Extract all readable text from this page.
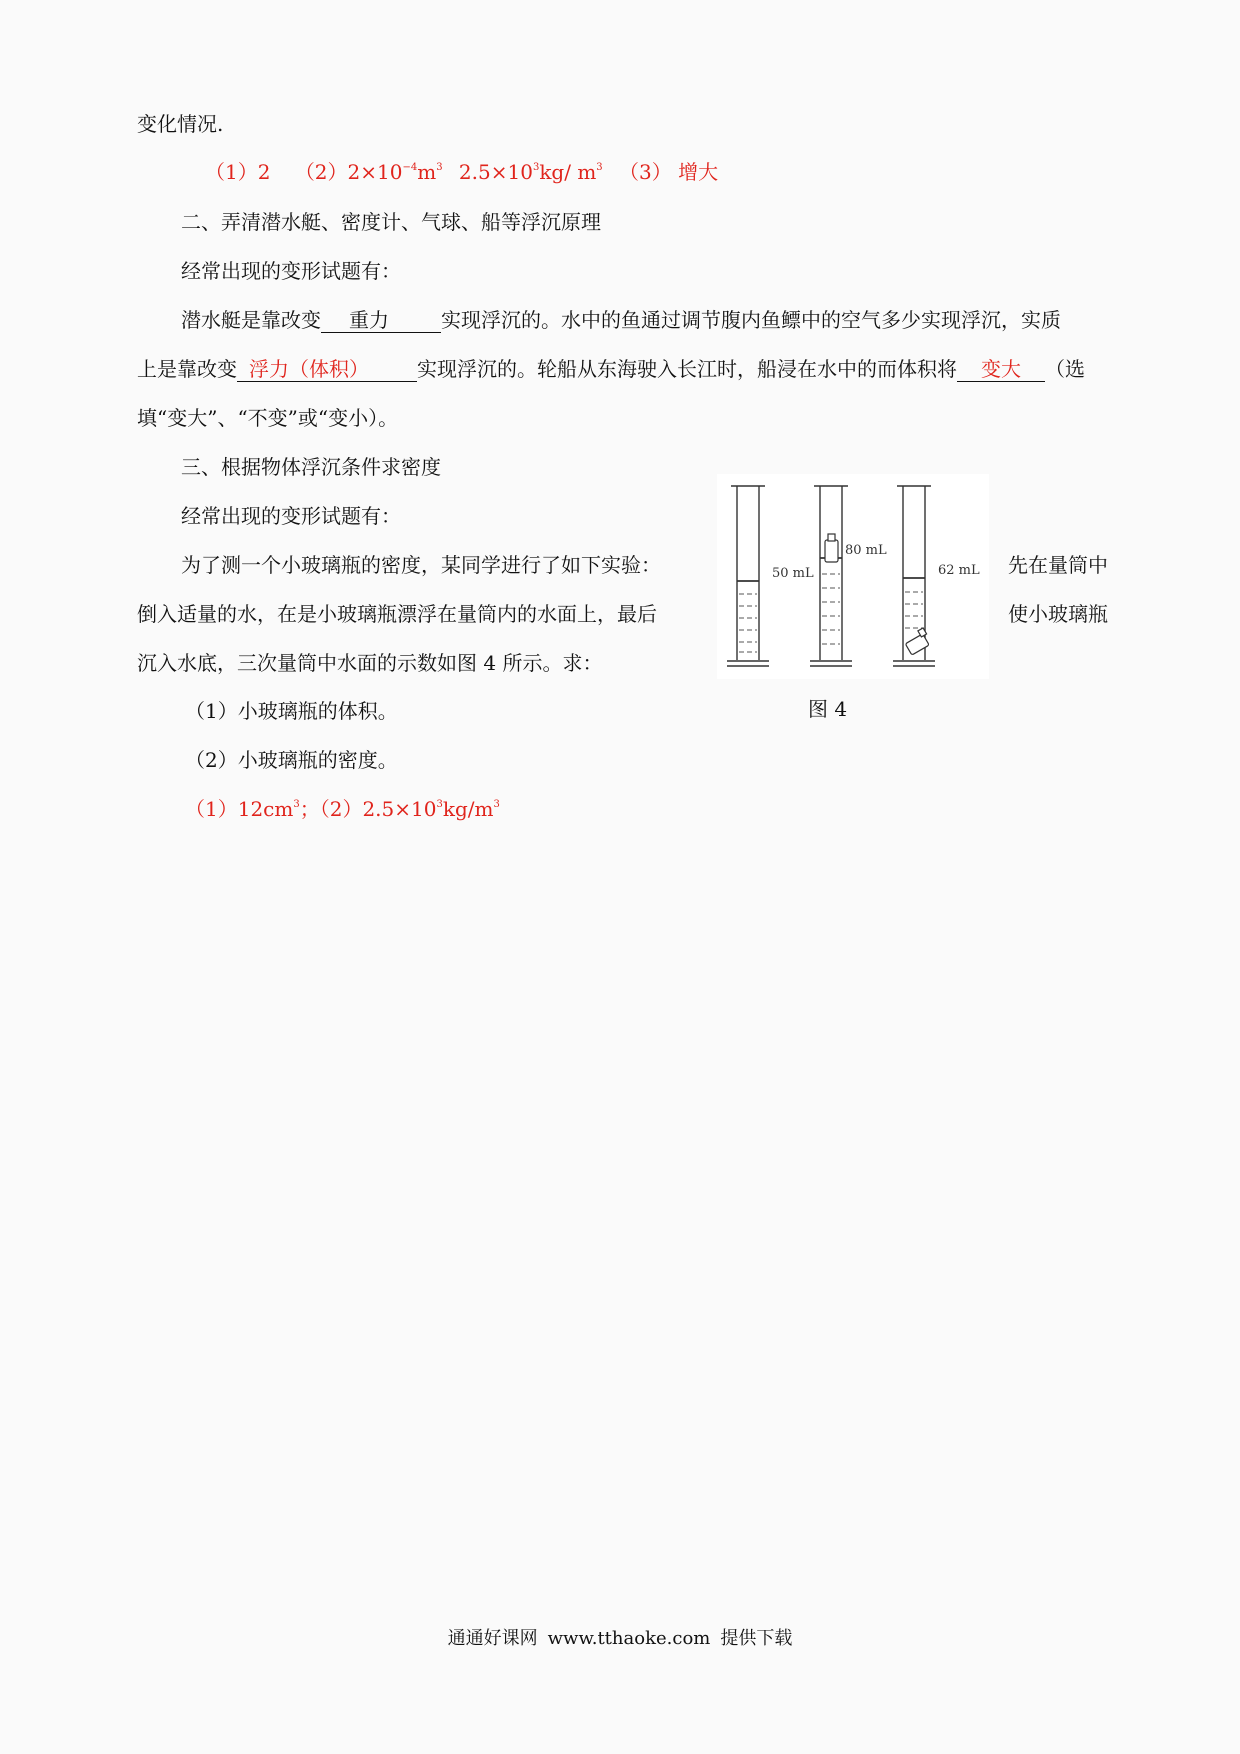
变化情况.
（1）2 $(2)2\times 10^{-4}m^3$ $2.5\times 10^3kg/$ $m^3$ （3） 增大
二、弄清潜水艇、密度计、气球、船等浮沉原理
经常出现的变形试题有：
潜水艇是靠改变 重力	实现浮沉的。水中的鱼通过调节腹内鱼鳔中的空气多少实现浮沉，实质
上是靠改变 浮力（体积） 实现浮沉的。轮船从东海驶入长江时，船浸在水中的而体积将 变大 （选
填“变大”、“不变”或“变小）。
三、根据物体浮沉条件求密度
经常出现的变形试题有：
为了测一个小玻璃瓶的密度，某同学进行了如下实验：	先在量筒中
倒入适量的水，在是小玻璃瓶漂浮在量筒内的水面上，最后	使小玻璃瓶
沉入水底，三次量筒中水面的示数如图 4 所示。求：
50 mL
80 mL
62 mL
图 4
（1）小玻璃瓶的体积。
（2）小玻璃瓶的密度。
$(1)12cm^3$；$(2)2.5\times 10^3kg/m^3$
通通好课网 www.tthaoke.com 提供下载
